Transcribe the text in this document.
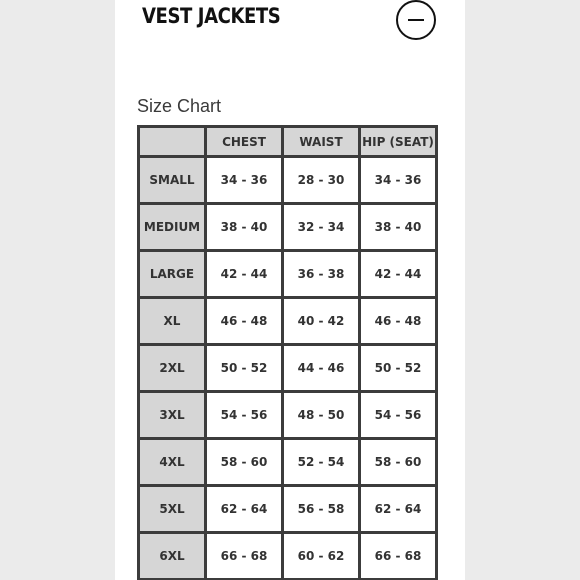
VEST JACKETS
Size Chart
	CHEST	WAIST	HIP (SEAT)
SMALL	34 - 36	28 - 30	34 - 36
MEDIUM	38 - 40	32 - 34	38 - 40
LARGE	42 - 44	36 - 38	42 - 44
XL	46 - 48	40 - 42	46 - 48
2XL	50 - 52	44 - 46	50 - 52
3XL	54 - 56	48 - 50	54 - 56
4XL	58 - 60	52 - 54	58 - 60
5XL	62 - 64	56 - 58	62 - 64
6XL	66 - 68	60 - 62	66 - 68
